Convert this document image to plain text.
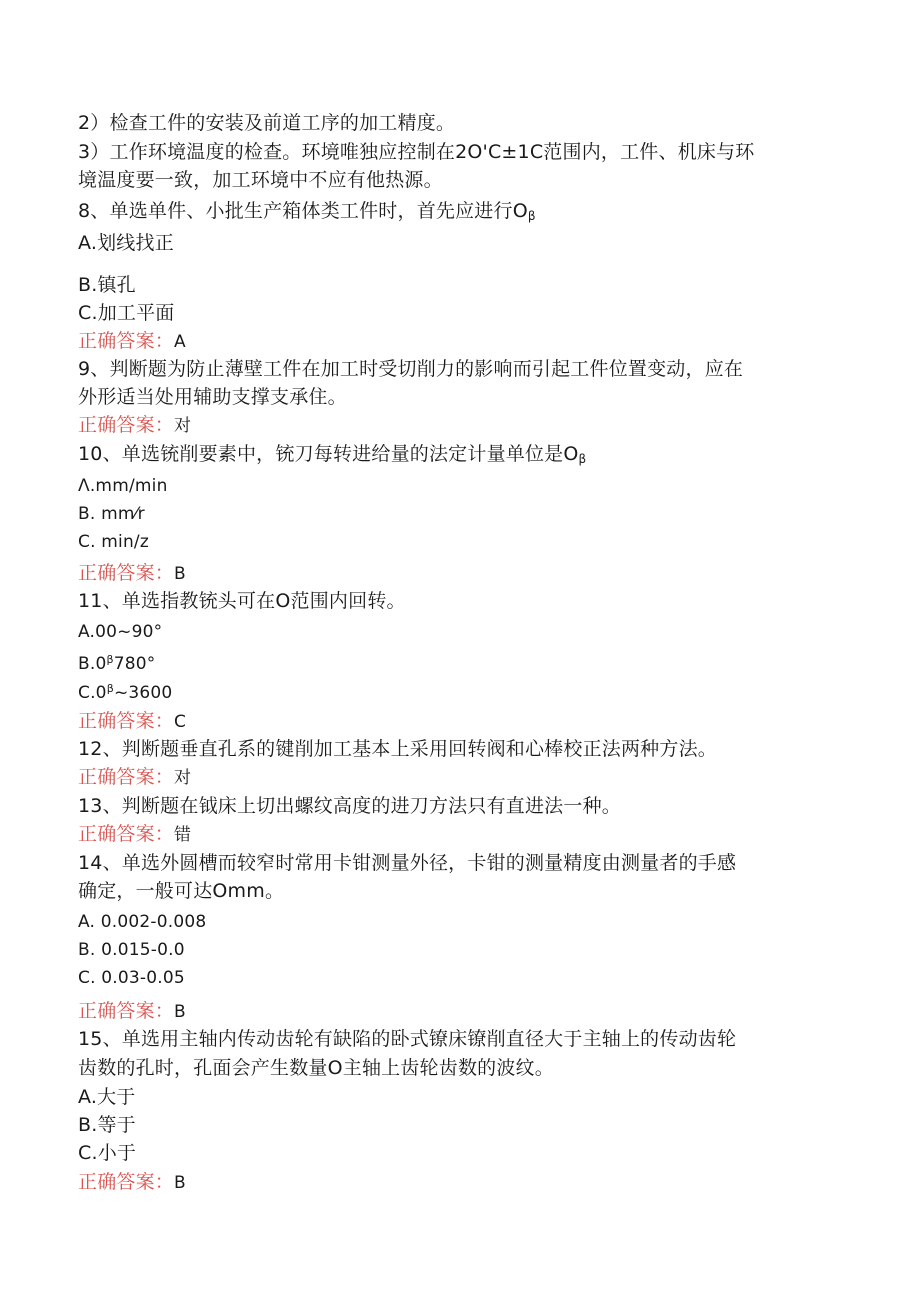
2）检查工件的安装及前道工序的加工精度。
3）工作环境温度的检查。环境唯独应控制在2O'C±1C范围内，工件、机床与环
境温度要一致，加工环境中不应有他热源。
8、单选单件、小批生产箱体类工件时，首先应进行$O_\beta$
A.划线找正
B.镇孔
C.加工平面
正确答案：A
9、判断题为防止薄壁工件在加工时受切削力的影响而引起工件位置变动，应在
外形适当处用辅助支撑支承住。
正确答案：对
10、单选铳削要素中，铳刀每转进给量的法定计量单位是$O_\beta$
Λ.mm/min
B. mm⁄r
C. min/z
正确答案：B
11、单选指教铳头可在O范围内回转。
A.00~90°
$B.0^\beta 780^\circ$
$C.0^\beta\sim 3600$
正确答案：C
12、判断题垂直孔系的键削加工基本上采用回转阀和心棒校正法两种方法。
正确答案：对
13、判断题在钺床上切出螺纹高度的进刀方法只有直进法一种。
正确答案：错
14、单选外圆槽而较窄时常用卡钳测量外径，卡钳的测量精度由测量者的手感
确定，一般可达Omm。
A. 0.002-0.008
B. 0.015-0.0
C. 0.03-0.05
正确答案：B
15、单选用主轴内传动齿轮有缺陷的卧式镣床镣削直径大于主轴上的传动齿轮
齿数的孔时，孔面会产生数量O主轴上齿轮齿数的波纹。
A.大于
B.等于
C.小于
正确答案：B
